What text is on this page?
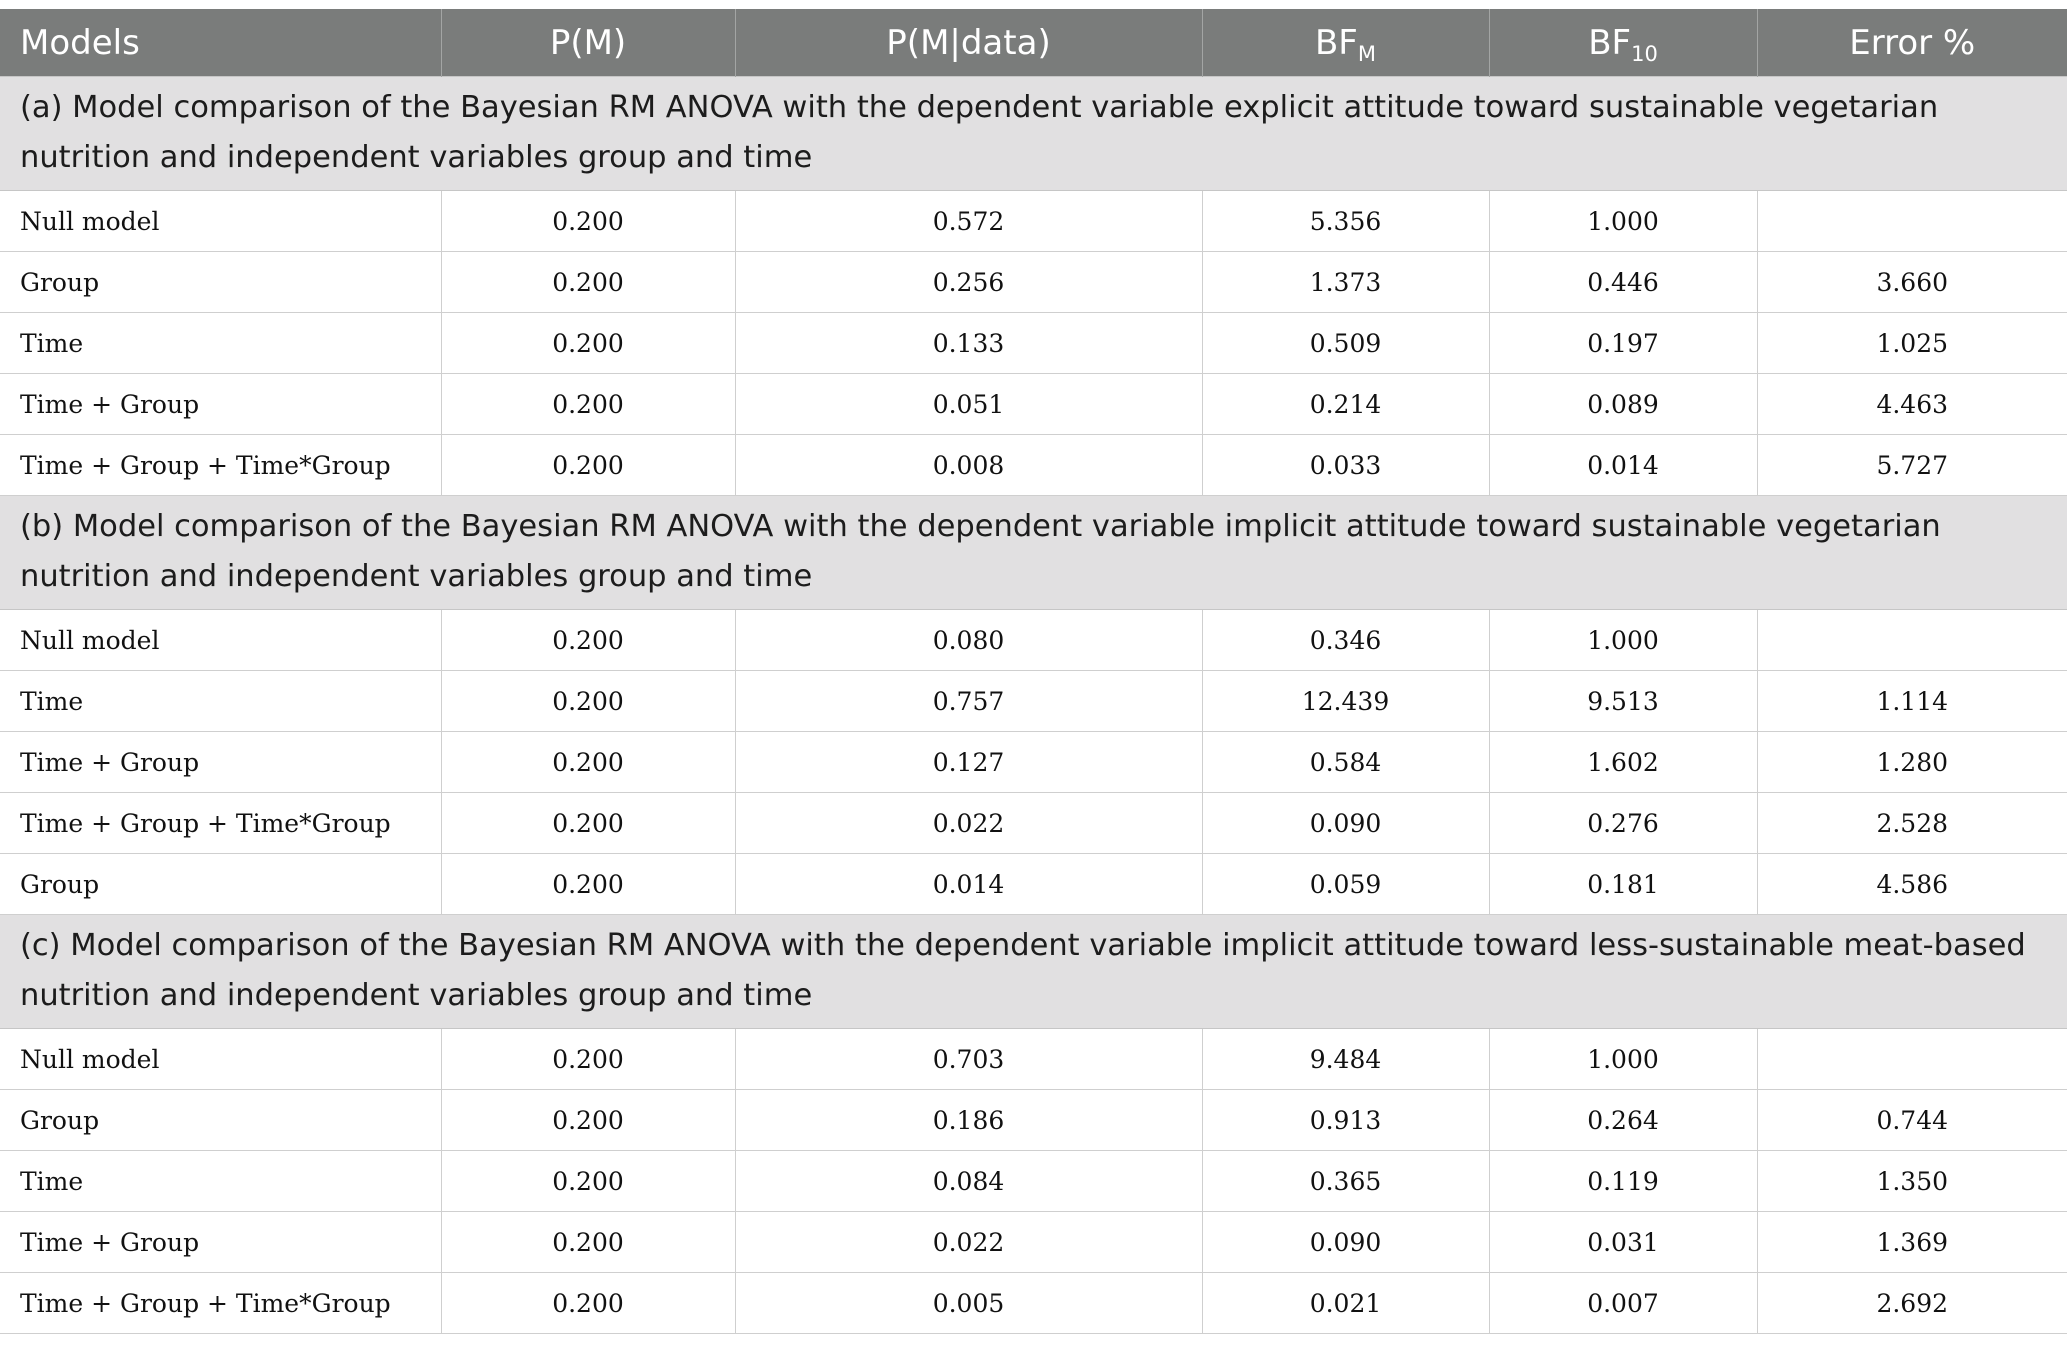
Models	P(M)	P(M|data)	$BF_M$	$BF_{10}$	Error %
(a) Model comparison of the Bayesian RM ANOVA with the dependent variable explicit attitude toward sustainable vegetarian nutrition and independent variables group and time					
Null model	0.200	0.572	5.356	1.000	
Group	0.200	0.256	1.373	0.446	3.660
Time	0.200	0.133	0.509	0.197	1.025
Time + Group	0.200	0.051	0.214	0.089	4.463
Time + Group + Time*Group	0.200	0.008	0.033	0.014	5.727
(b) Model comparison of the Bayesian RM ANOVA with the dependent variable implicit attitude toward sustainable vegetarian nutrition and independent variables group and time					
Null model	0.200	0.080	0.346	1.000	
Time	0.200	0.757	12.439	9.513	1.114
Time + Group	0.200	0.127	0.584	1.602	1.280
Time + Group + Time*Group	0.200	0.022	0.090	0.276	2.528
Group	0.200	0.014	0.059	0.181	4.586
(c) Model comparison of the Bayesian RM ANOVA with the dependent variable implicit attitude toward less-sustainable meat-based nutrition and independent variables group and time					
Null model	0.200	0.703	9.484	1.000	
Group	0.200	0.186	0.913	0.264	0.744
Time	0.200	0.084	0.365	0.119	1.350
Time + Group	0.200	0.022	0.090	0.031	1.369
Time + Group + Time*Group	0.200	0.005	0.021	0.007	2.692
